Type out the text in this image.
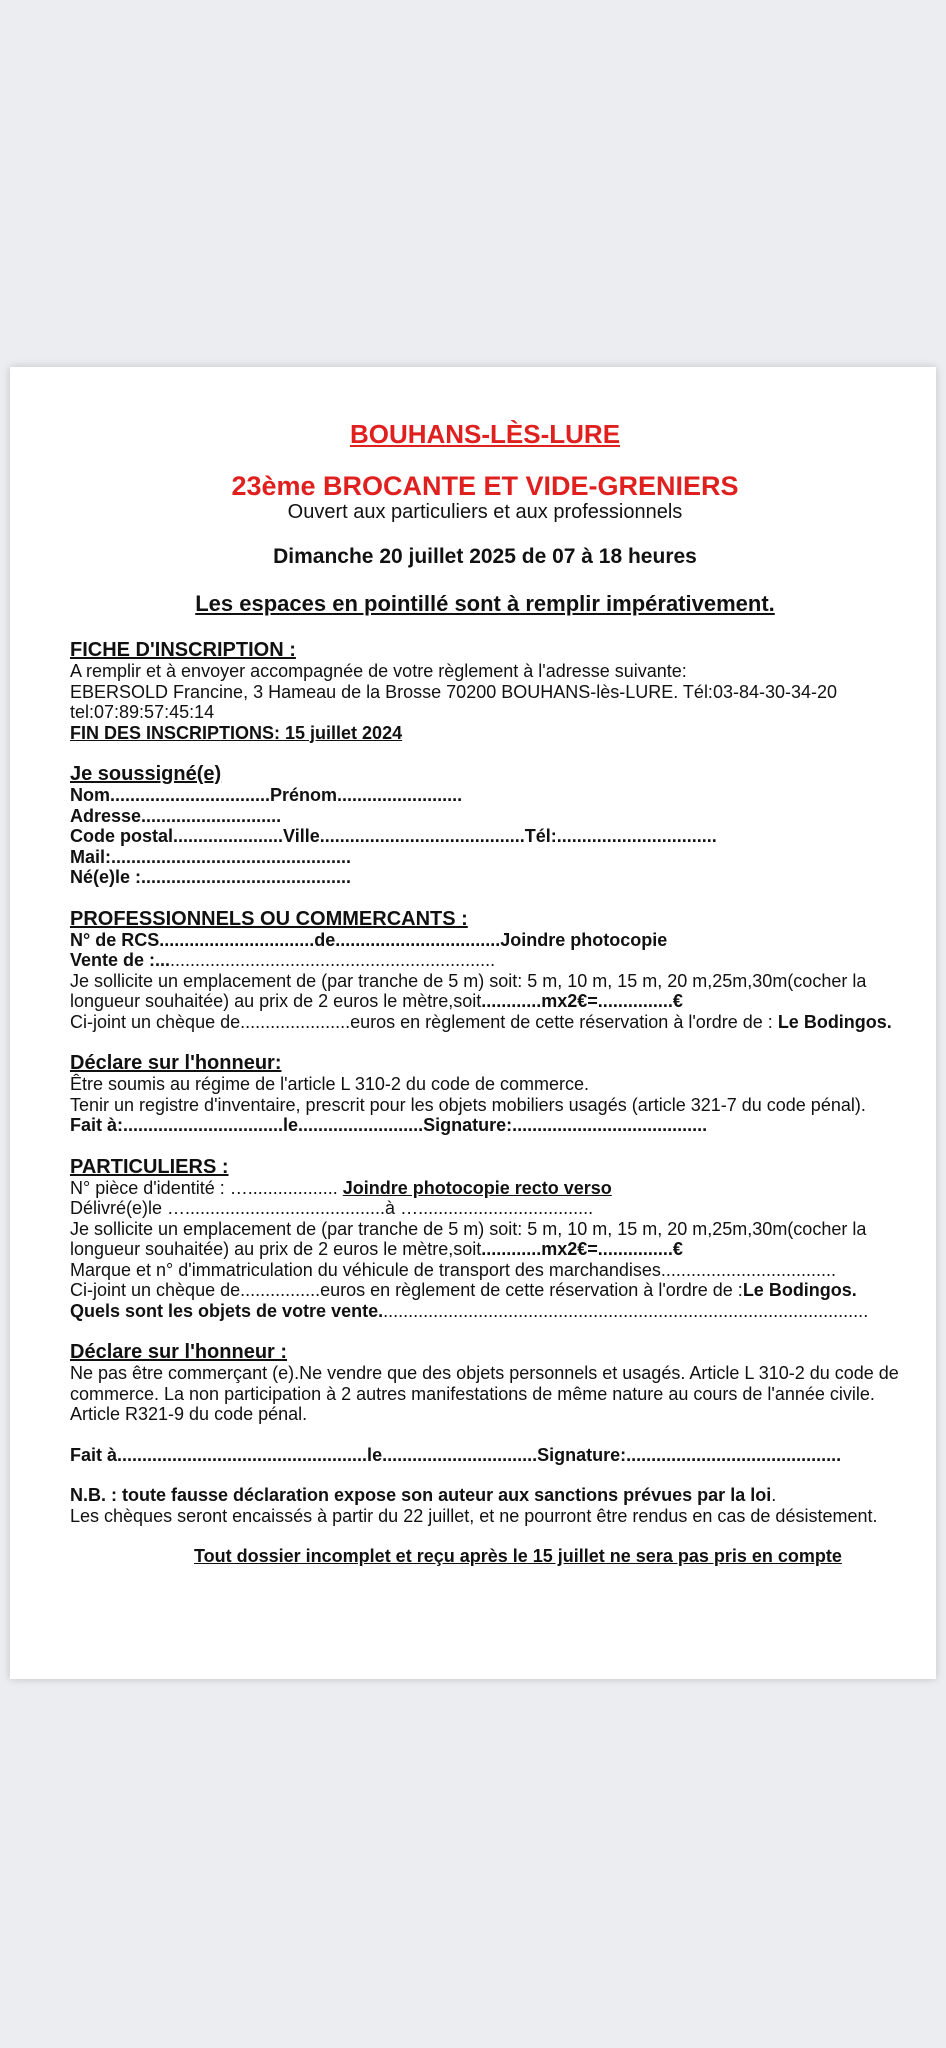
BOUHANS-LÈS-LURE

23ème BROCANTE ET VIDE-GRENIERS

Ouvert aux particuliers et aux professionnels

Dimanche 20 juillet 2025 de 07 à 18 heures

Les espaces en pointillé sont à remplir impérativement.

FICHE D'INSCRIPTION :

A remplir et à envoyer accompagnée de votre règlement à l'adresse suivante:

EBERSOLD Francine, 3 Hameau de la Brosse 70200 BOUHANS-lès-LURE. Tél:03-84-30-34-20

tel:07:89:57:45:14

FIN DES INSCRIPTIONS: 15 juillet 2024

Je soussigné(e)

Nom................................Prénom.........................

Adresse............................

Code postal......................Ville.........................................Tél:................................

Mail:................................................

Né(e)le :..........................................

PROFESSIONNELS OU COMMERCANTS :

N° de RCS...............................de.................................Joindre photocopie

Vente de :....................................................................

Je sollicite un emplacement de (par tranche de 5 m) soit: 5 m, 10 m, 15 m, 20 m,25m,30m(cocher la

longueur souhaitée) au prix de 2 euros le mètre,soit............mx2€=...............€

Ci-joint un chèque de......................euros en règlement de cette réservation à l'ordre de : Le Bodingos.

Déclare sur l'honneur:

Être soumis au régime de l'article L 310-2 du code de commerce.

Tenir un registre d'inventaire, prescrit pour les objets mobiliers usagés (article 321-7 du code pénal).

Fait à:................................le.........................Signature:.......................................

PARTICULIERS :

N° pièce d'identité : ….................. Joindre photocopie recto verso

Délivré(e)le …........................................à …...................................

Je sollicite un emplacement de (par tranche de 5 m) soit: 5 m, 10 m, 15 m, 20 m,25m,30m(cocher la

longueur souhaitée) au prix de 2 euros le mètre,soit............mx2€=...............€

Marque et n° d'immatriculation du véhicule de transport des marchandises...................................

Ci-joint un chèque de................euros en règlement de cette réservation à l'ordre de :Le Bodingos.

Quels sont les objets de votre vente..................................................................................................

Déclare sur l'honneur :

Ne pas être commerçant (e).Ne vendre que des objets personnels et usagés. Article L 310-2 du code de

commerce. La non participation à 2 autres manifestations de même nature au cours de l'année civile.

Article R321-9 du code pénal.

Fait à..................................................le...............................Signature:...........................................

N.B. : toute fausse déclaration expose son auteur aux sanctions prévues par la loi.

Les chèques seront encaissés à partir du 22 juillet, et ne pourront être rendus en cas de désistement.

Tout dossier incomplet et reçu après le 15 juillet ne sera pas pris en compte
